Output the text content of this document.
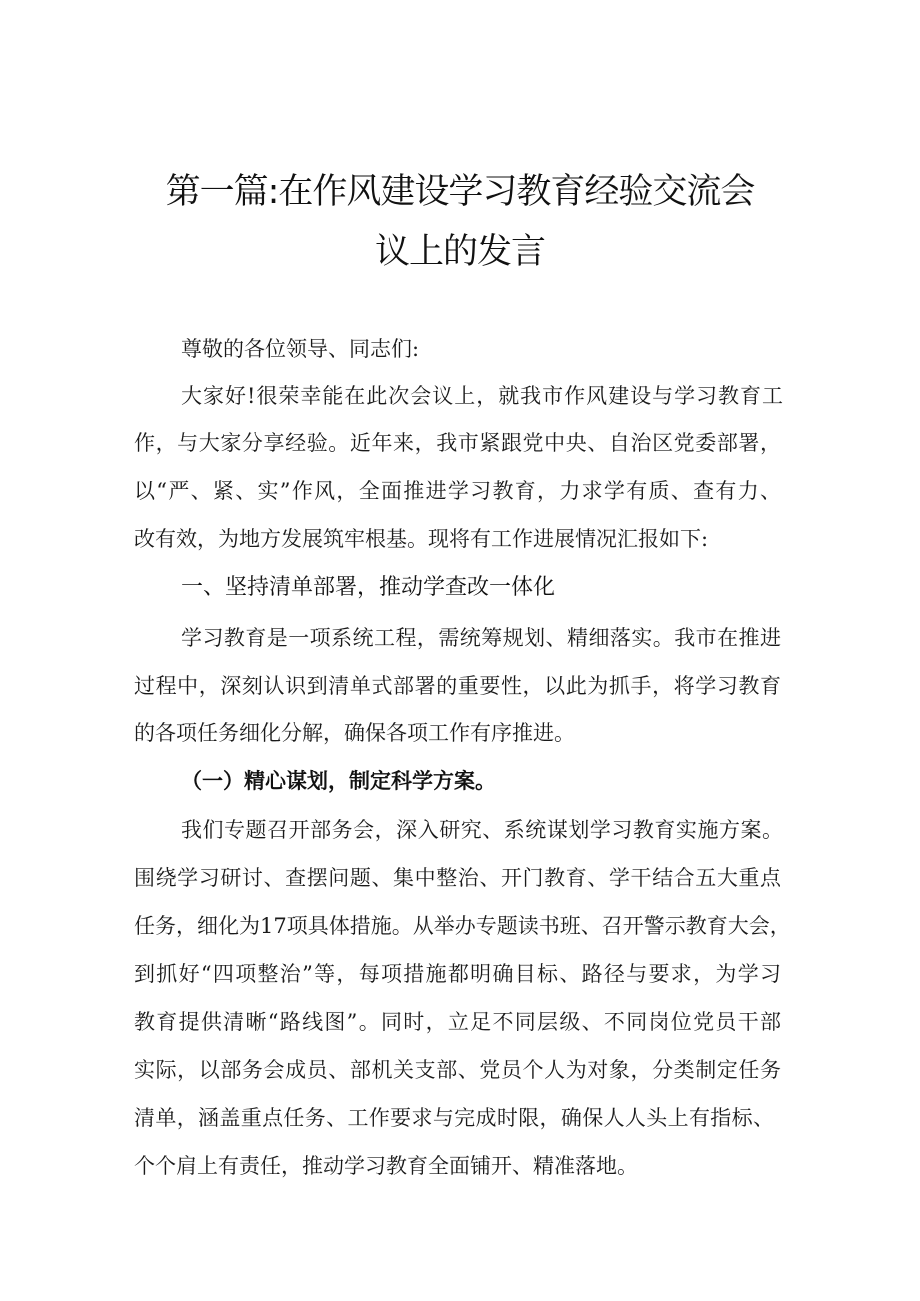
第一篇:在作风建设学习教育经验交流会
议上的发言
尊敬的各位领导、同志们:
大家好!很荣幸能在此次会议上，就我市作风建设与学习教育工
作，与大家分享经验。近年来，我市紧跟党中央、自治区党委部署，
以“严、紧、实”作风，全面推进学习教育，力求学有质、查有力、
改有效，为地方发展筑牢根基。现将有工作进展情况汇报如下:
一、坚持清单部署，推动学查改一体化
学习教育是一项系统工程，需统筹规划、精细落实。我市在推进
过程中，深刻认识到清单式部署的重要性，以此为抓手，将学习教育
的各项任务细化分解，确保各项工作有序推进。
（一）精心谋划，制定科学方案。
我们专题召开部务会，深入研究、系统谋划学习教育实施方案。
围绕学习研讨、查摆问题、集中整治、开门教育、学干结合五大重点
任务，细化为17项具体措施。从举办专题读书班、召开警示教育大会，
到抓好“四项整治”等，每项措施都明确目标、路径与要求，为学习
教育提供清晰“路线图”。同时，立足不同层级、不同岗位党员干部
实际，以部务会成员、部机关支部、党员个人为对象，分类制定任务
清单，涵盖重点任务、工作要求与完成时限，确保人人头上有指标、
个个肩上有责任，推动学习教育全面铺开、精准落地。
